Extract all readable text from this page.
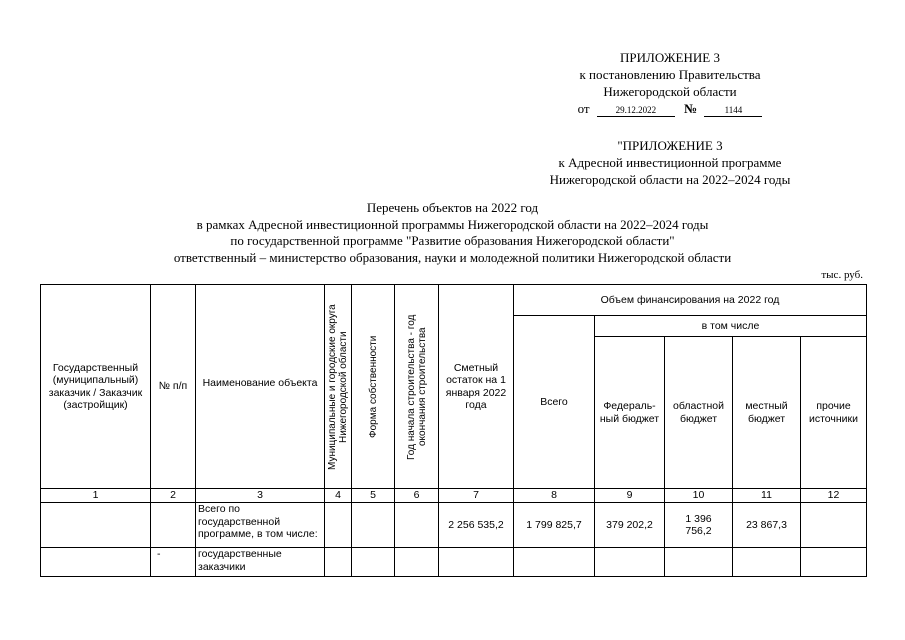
ПРИЛОЖЕНИЕ 3
к постановлению Правительства
Нижегородской области
от	29.12.2022 №	1144
"ПРИЛОЖЕНИЕ 3
к Адресной инвестиционной программе
Нижегородской области на 2022–2024 годы
Перечень объектов на 2022 год
в рамках Адресной инвестиционной программы Нижегородской области на 2022–2024 годы
по государственной программе "Развитие образования Нижегородской области"
ответственный – министерство образования, науки и молодежной политики Нижегородской области
тыс. руб.
Государственный (муниципальный) заказчик / Заказчик (застройщик)	№ п/п	Наименование объекта	Муниципальные и городские округа Нижегородской области	Форма собственности	Год начала строительства - год окончания строительства	Сметный остаток на 1 января 2022 года	Объем финансирования на 2022 год				
							Всего	в том числе			
								Федераль-ный бюджет	областной бюджет	местный бюджет	прочие источники
1	2	3	4	5	6	7	8	9	10	11	12
		Всего по государственной программе, в том числе:				2 256 535,2	1 799 825,7	379 202,2	1 396 756,2	23 867,3	
	-	государственные заказчики									
